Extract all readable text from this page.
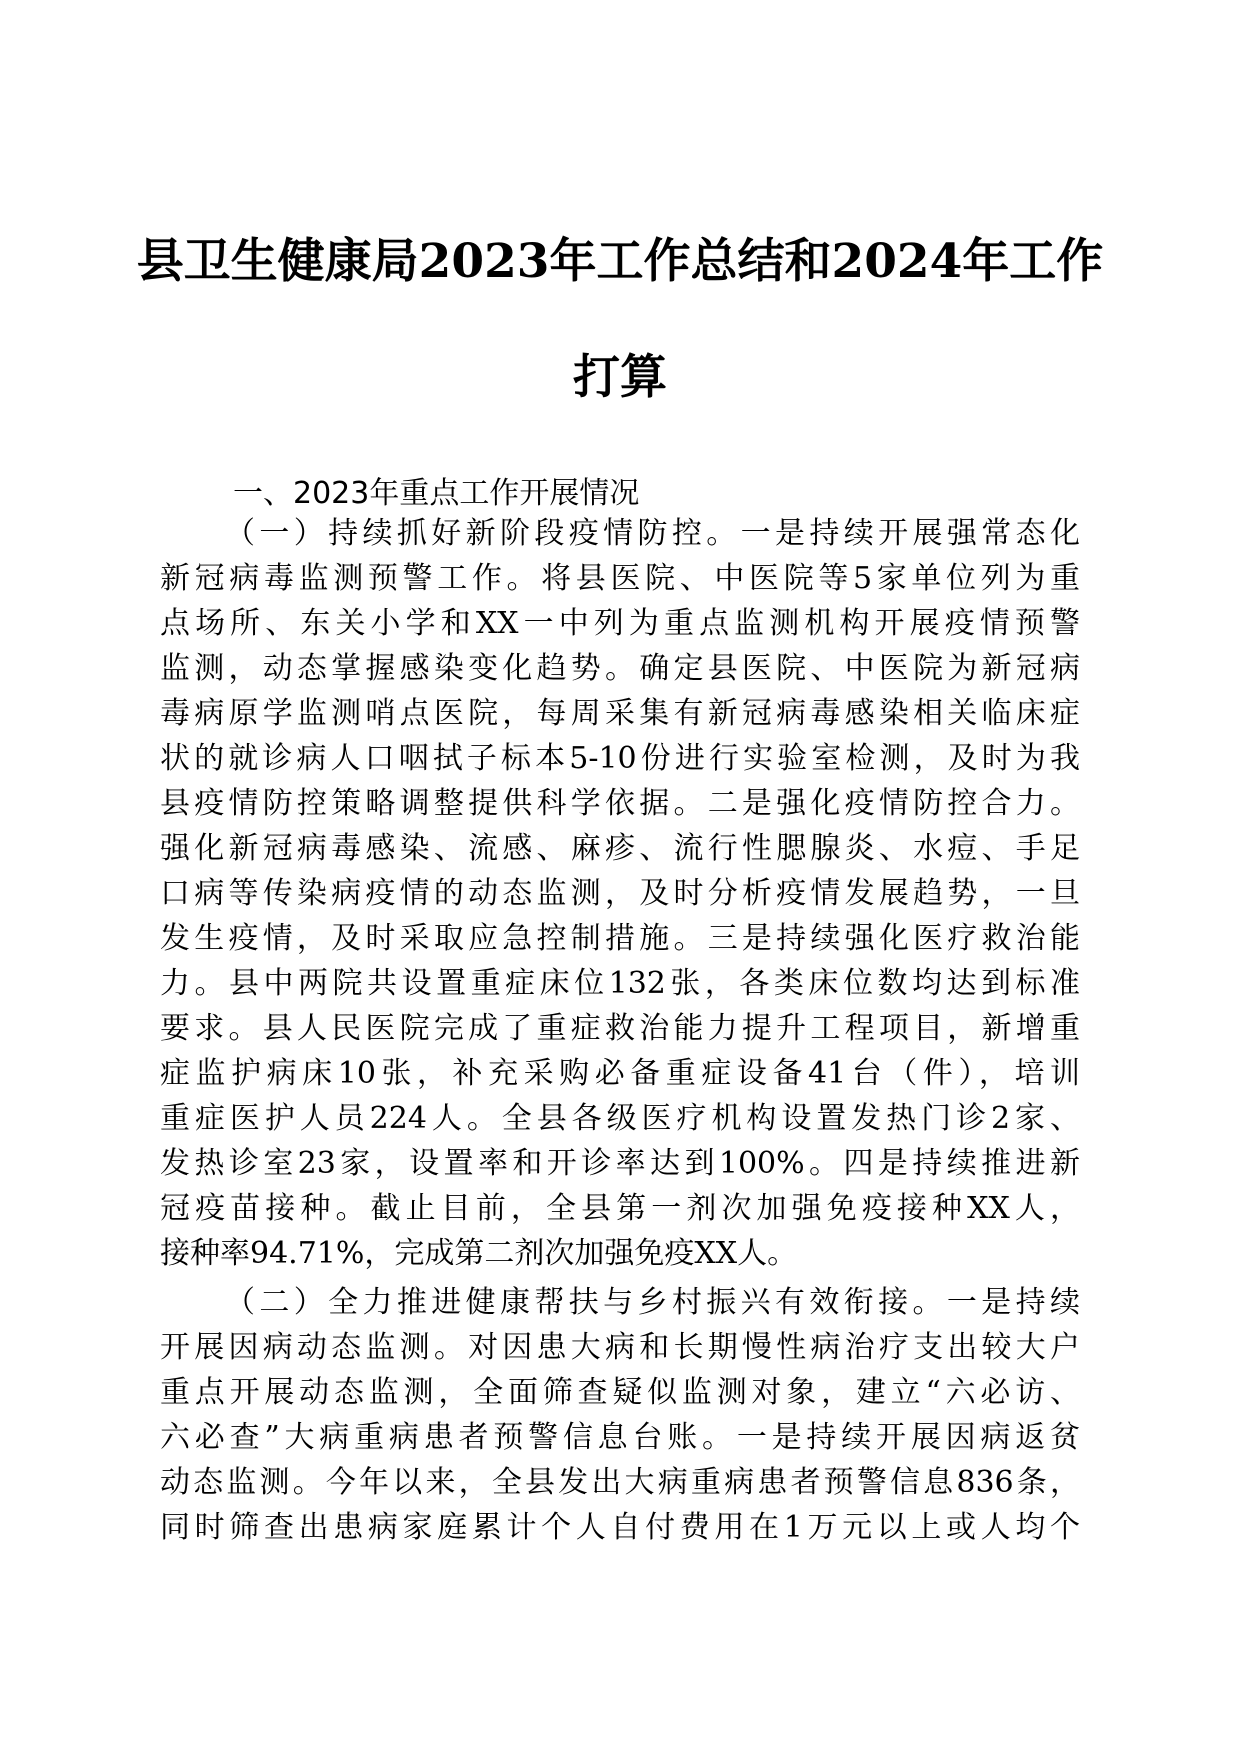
县卫生健康局2023年工作总结和2024年工作
打算
一、2023年重点工作开展情况
（一）持续抓好新阶段疫情防控。一是持续开展强常态化
新冠病毒监测预警工作。将县医院、中医院等5家单位列为重
点场所、东关小学和XX一中列为重点监测机构开展疫情预警
监测，动态掌握感染变化趋势。确定县医院、中医院为新冠病
毒病原学监测哨点医院，每周采集有新冠病毒感染相关临床症
状的就诊病人口咽拭子标本5-10份进行实验室检测，及时为我
县疫情防控策略调整提供科学依据。二是强化疫情防控合力。
强化新冠病毒感染、流感、麻疹、流行性腮腺炎、水痘、手足
口病等传染病疫情的动态监测，及时分析疫情发展趋势，一旦
发生疫情，及时采取应急控制措施。三是持续强化医疗救治能
力。县中两院共设置重症床位132张，各类床位数均达到标准
要求。县人民医院完成了重症救治能力提升工程项目，新增重
症监护病床10张，补充采购必备重症设备41台（件），培训
重症医护人员224人。全县各级医疗机构设置发热门诊2家、
发热诊室23家，设置率和开诊率达到100%。四是持续推进新
冠疫苗接种。截止目前，全县第一剂次加强免疫接种XX人，
接种率94.71%，完成第二剂次加强免疫XX人。
（二）全力推进健康帮扶与乡村振兴有效衔接。一是持续
开展因病动态监测。对因患大病和长期慢性病治疗支出较大户
重点开展动态监测，全面筛查疑似监测对象，建立“六必访、
六必查”大病重病患者预警信息台账。一是持续开展因病返贫
动态监测。今年以来，全县发出大病重病患者预警信息836条，
同时筛查出患病家庭累计个人自付费用在1万元以上或人均个
